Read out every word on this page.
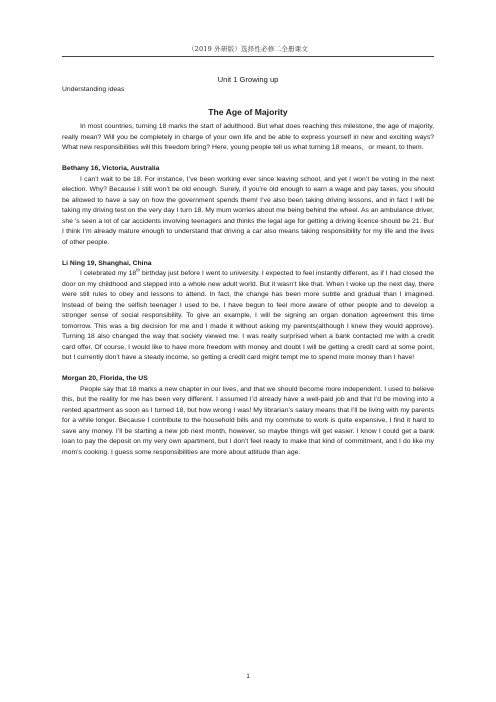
（2019 外研版）选择性必修二全册课文

Unit 1 Growing up

Understanding ideas

The Age of Majority

In most countries, turning 18 marks the start of adulthood. But what does reaching this milestone, the age of majority, really mean? Will you be completely in charge of your own life and be able to express yourself in new and exciting ways? What new responsibilities will this freedom bring? Here, young people tell us what turning 18 means，or meant, to them.

Bethany 16, Victoria, Australia

I can’t wait to be 18. For instance, I’ve been working ever since leaving school, and yet I won’t be voting in the next election. Why? Because I still won’t be old enough. Surely, if you’re old enough to earn a wage and pay taxes, you should be allowed to have a say on how the government spends them! I’ve also been taking driving lessons, and in fact I will be taking my driving test on the very day I turn 18. My mum worries about me being behind the wheel. As an ambulance driver, she ’s seen a lot of car accidents involving teenagers and thinks the legal age for getting a driving licence should be 21. Bur I think I’m already mature enough to understand that driving a car also means taking responsibility for my life and the lives of other people.

Li Ning 19, Shanghai, China

I celebrated my 18th birthday just before I went to university. I expected to feel instantly different, as if I had closed the door on my childhood and stepped into a whole new adult world. But it wasn’t like that. When I woke up the next day, there were still rules to obey and lessons to attend. In fact, the change has been more subtle and gradual than I imagined. Instead of being the selfish teenager I used to be, I have begun to feel more aware of other people and to develop a stronger sense of social responsibility. To give an example, I will be signing an organ donation agreement this time tomorrow. This was a big decision for me and I made it without asking my parents(although I knew they would approve). Turning 18 also changed the way that society viewed me. I was really surprised when a bank contacted me with a credit card offer. Of course, I would like to have more freedom with money and doubt I will be getting a credit card at some point, but I currently don’t have a steady income, so getting a credit card might tempt me to spend more money than I have!

Morgan 20, Florida, the US

People say that 18 marks a new chapter in our lives, and that we should become more independent. I used to believe this, but the reality for me has been very different. I assumed I’d already have a well-paid job and that I’d be moving into a rented apartment as soon as I turned 18, but how wrong I was! My librarian’s salary means that I’ll be living with my parents for a while longer. Because I contribute to the household bills and my commute to work is quite expensive, I find it hard to save any money. I’ll be starting a new job next month, however, so maybe things will get easier. I know I could get a bank loan to pay the deposit on my very own apartment, but I don’t feel ready to make that kind of commitment, and I do like my mom’s cooking. I guess some responsibilities are more about attitude than age.

1
